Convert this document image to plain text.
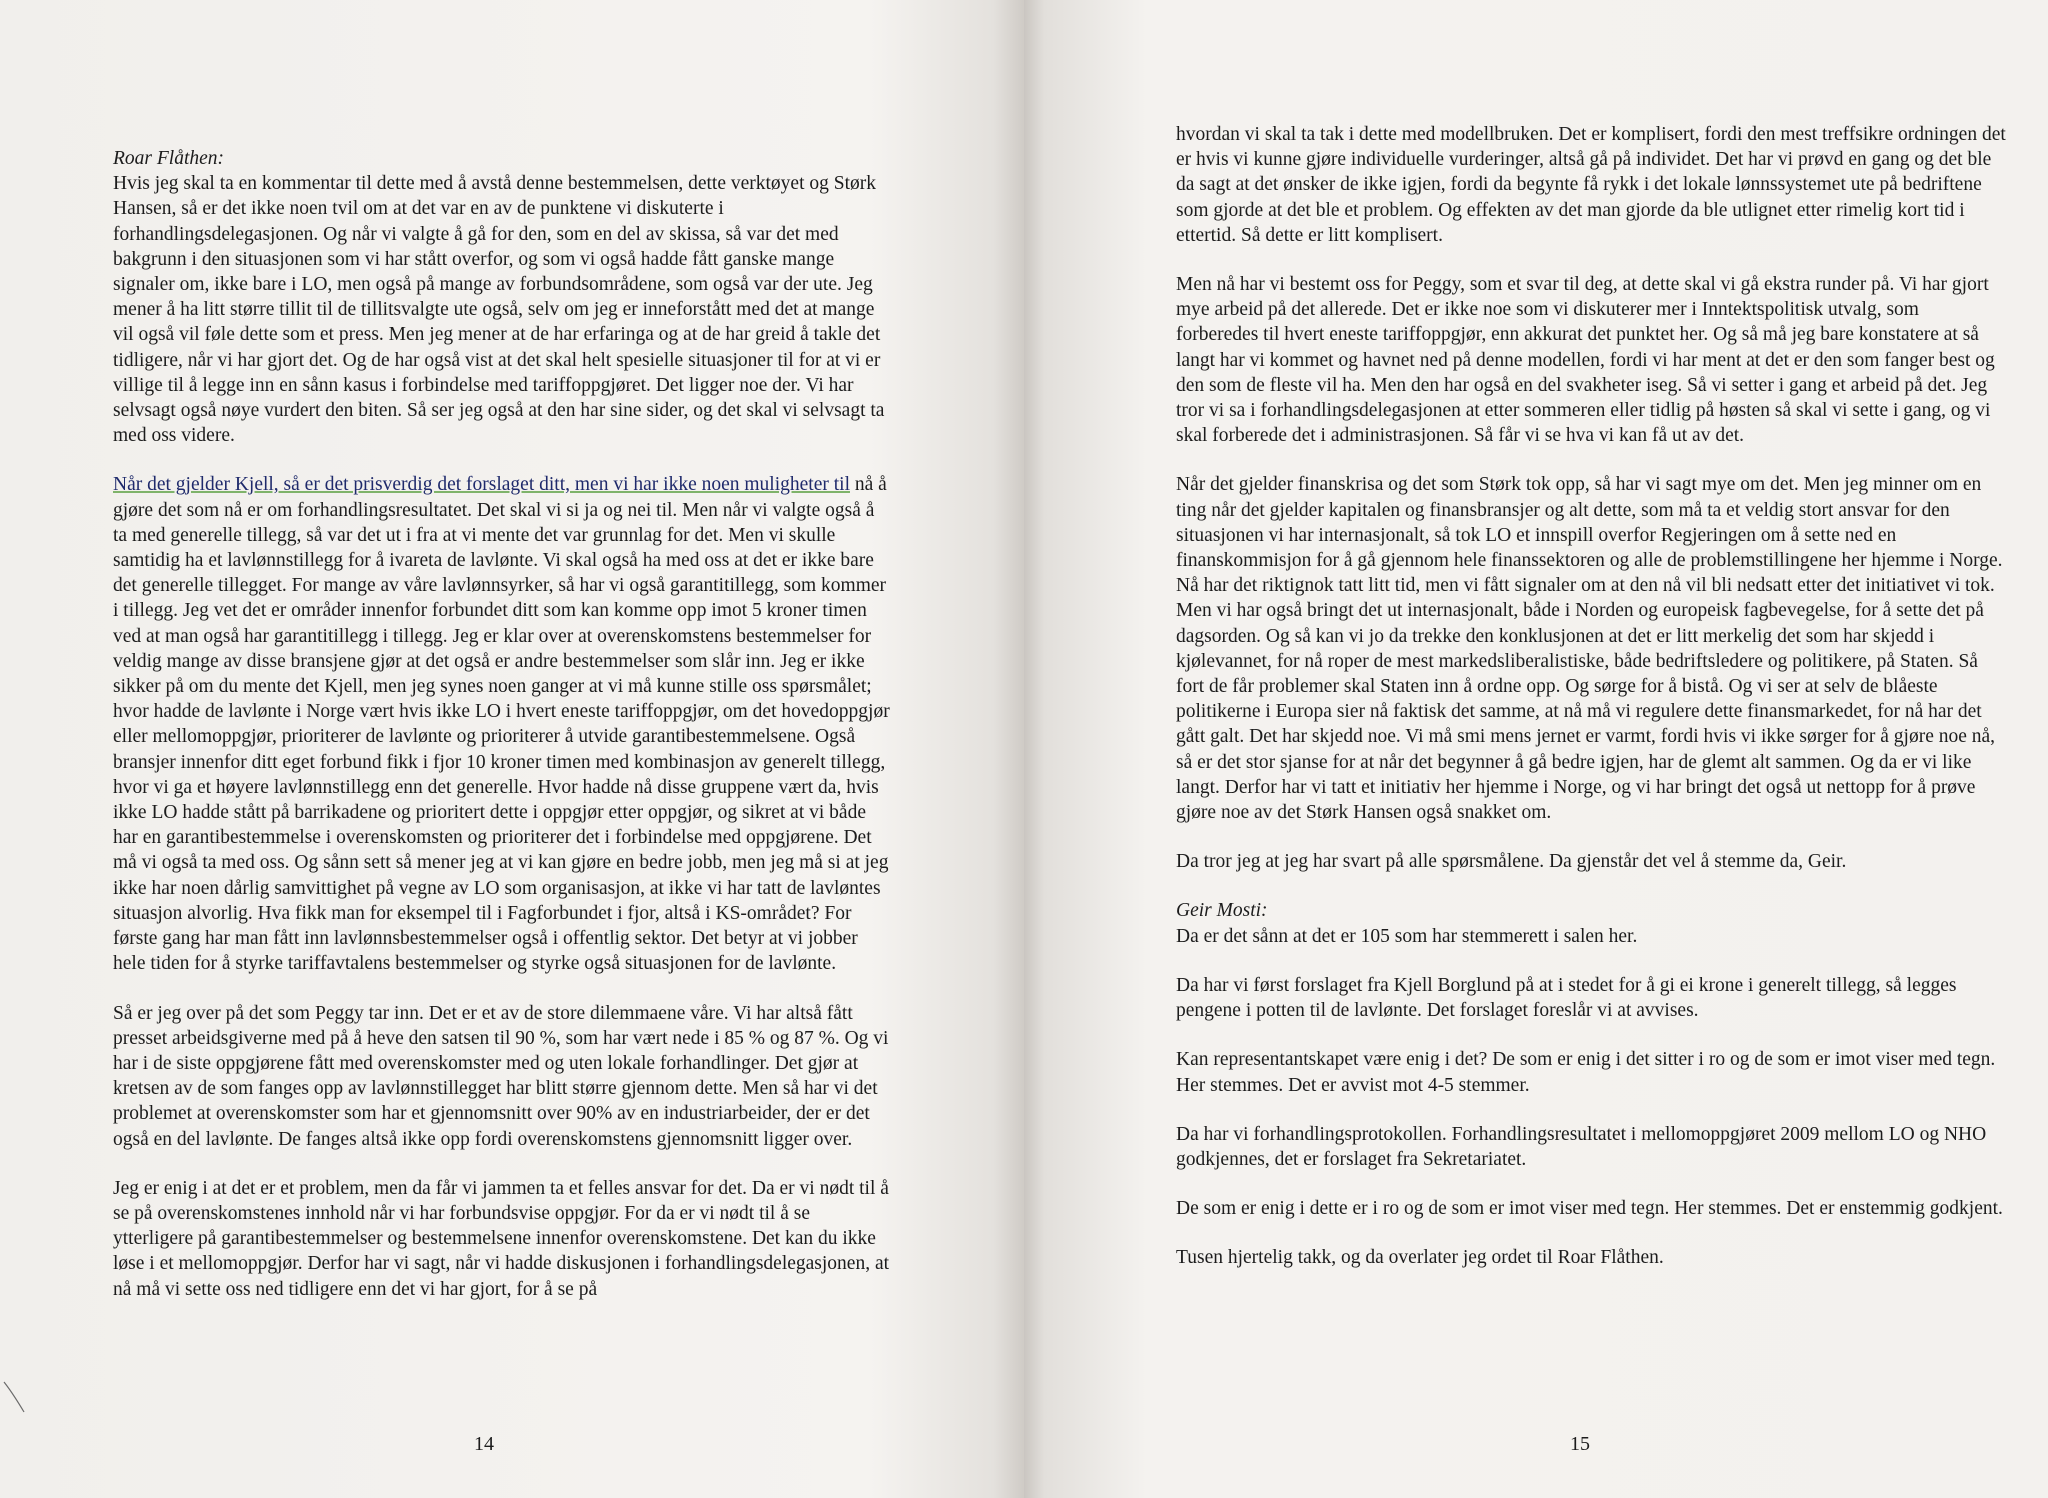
Roar Flåthen:
Hvis jeg skal ta en kommentar til dette med å avstå denne bestemmelsen, dette verktøyet og Størk Hansen, så er det ikke noen tvil om at det var en av de punktene vi diskuterte i forhandlingsdelegasjonen. Og når vi valgte å gå for den, som en del av skissa, så var det med bakgrunn i den situasjonen som vi har stått overfor, og som vi også hadde fått ganske mange signaler om, ikke bare i LO, men også på mange av forbundsområdene, som også var der ute. Jeg mener å ha litt større tillit til de tillitsvalgte ute også, selv om jeg er inneforstått med det at mange vil også vil føle dette som et press. Men jeg mener at de har erfaringa og at de har greid å takle det tidligere, når vi har gjort det. Og de har også vist at det skal helt spesielle situasjoner til for at vi er villige til å legge inn en sånn kasus i forbindelse med tariffoppgjøret. Det ligger noe der. Vi har selvsagt også nøye vurdert den biten. Så ser jeg også at den har sine sider, og det skal vi selvsagt ta med oss videre.

Når det gjelder Kjell, så er det prisverdig det forslaget ditt, men vi har ikke noen muligheter til nå å gjøre det som nå er om forhandlingsresultatet. Det skal vi si ja og nei til. Men når vi valgte også å ta med generelle tillegg, så var det ut i fra at vi mente det var grunnlag for det. Men vi skulle samtidig ha et lavlønnstillegg for å ivareta de lavlønte. Vi skal også ha med oss at det er ikke bare det generelle tillegget. For mange av våre lavlønnsyrker, så har vi også garantitillegg, som kommer i tillegg. Jeg vet det er områder innenfor forbundet ditt som kan komme opp imot 5 kroner timen ved at man også har garantitillegg i tillegg. Jeg er klar over at overenskomstens bestemmelser for veldig mange av disse bransjene gjør at det også er andre bestemmelser som slår inn. Jeg er ikke sikker på om du mente det Kjell, men jeg synes noen ganger at vi må kunne stille oss spørsmålet; hvor hadde de lavlønte i Norge vært hvis ikke LO i hvert eneste tariffoppgjør, om det hovedoppgjør eller mellomoppgjør, prioriterer de lavlønte og prioriterer å utvide garantibestemmelsene. Også bransjer innenfor ditt eget forbund fikk i fjor 10 kroner timen med kombinasjon av generelt tillegg, hvor vi ga et høyere lavlønnstillegg enn det generelle. Hvor hadde nå disse gruppene vært da, hvis ikke LO hadde stått på barrikadene og prioritert dette i oppgjør etter oppgjør, og sikret at vi både har en garantibestemmelse i overenskomsten og prioriterer det i forbindelse med oppgjørene. Det må vi også ta med oss. Og sånn sett så mener jeg at vi kan gjøre en bedre jobb, men jeg må si at jeg ikke har noen dårlig samvittighet på vegne av LO som organisasjon, at ikke vi har tatt de lavløntes situasjon alvorlig. Hva fikk man for eksempel til i Fagforbundet i fjor, altså i KS-området? For første gang har man fått inn lavlønnsbestemmelser også i offentlig sektor. Det betyr at vi jobber hele tiden for å styrke tariffavtalens bestemmelser og styrke også situasjonen for de lavlønte.

Så er jeg over på det som Peggy tar inn. Det er et av de store dilemmaene våre. Vi har altså fått presset arbeidsgiverne med på å heve den satsen til 90 %, som har vært nede i 85 % og 87 %. Og vi har i de siste oppgjørene fått med overenskomster med og uten lokale forhandlinger. Det gjør at kretsen av de som fanges opp av lavlønnstillegget har blitt større gjennom dette. Men så har vi det problemet at overenskomster som har et gjennomsnitt over 90% av en industriarbeider, der er det også en del lavlønte. De fanges altså ikke opp fordi overenskomstens gjennomsnitt ligger over.

Jeg er enig i at det er et problem, men da får vi jammen ta et felles ansvar for det. Da er vi nødt til å se på overenskomstenes innhold når vi har forbundsvise oppgjør. For da er vi nødt til å se ytterligere på garantibestemmelser og bestemmelsene innenfor overenskomstene. Det kan du ikke løse i et mellomoppgjør. Derfor har vi sagt, når vi hadde diskusjonen i forhandlingsdelegasjonen, at nå må vi sette oss ned tidligere enn det vi har gjort, for å se på

14

hvordan vi skal ta tak i dette med modellbruken. Det er komplisert, fordi den mest treffsikre ordningen det er hvis vi kunne gjøre individuelle vurderinger, altså gå på individet. Det har vi prøvd en gang og det ble da sagt at det ønsker de ikke igjen, fordi da begynte få rykk i det lokale lønnssystemet ute på bedriftene som gjorde at det ble et problem. Og effekten av det man gjorde da ble utlignet etter rimelig kort tid i ettertid. Så dette er litt komplisert.

Men nå har vi bestemt oss for Peggy, som et svar til deg, at dette skal vi gå ekstra runder på. Vi har gjort mye arbeid på det allerede. Det er ikke noe som vi diskuterer mer i Inntektspolitisk utvalg, som forberedes til hvert eneste tariffoppgjør, enn akkurat det punktet her. Og så må jeg bare konstatere at så langt har vi kommet og havnet ned på denne modellen, fordi vi har ment at det er den som fanger best og den som de fleste vil ha. Men den har også en del svakheter iseg. Så vi setter i gang et arbeid på det. Jeg tror vi sa i forhandlingsdelegasjonen at etter sommeren eller tidlig på høsten så skal vi sette i gang, og vi skal forberede det i administrasjonen. Så får vi se hva vi kan få ut av det.

Når det gjelder finanskrisa og det som Størk tok opp, så har vi sagt mye om det. Men jeg minner om en ting når det gjelder kapitalen og finansbransjer og alt dette, som må ta et veldig stort ansvar for den situasjonen vi har internasjonalt, så tok LO et innspill overfor Regjeringen om å sette ned en finanskommisjon for å gå gjennom hele finanssektoren og alle de problemstillingene her hjemme i Norge. Nå har det riktignok tatt litt tid, men vi fått signaler om at den nå vil bli nedsatt etter det initiativet vi tok. Men vi har også bringt det ut internasjonalt, både i Norden og europeisk fagbevegelse, for å sette det på dagsorden. Og så kan vi jo da trekke den konklusjonen at det er litt merkelig det som har skjedd i kjølevannet, for nå roper de mest markedsliberalistiske, både bedriftsledere og politikere, på Staten. Så fort de får problemer skal Staten inn å ordne opp. Og sørge for å bistå. Og vi ser at selv de blåeste politikerne i Europa sier nå faktisk det samme, at nå må vi regulere dette finansmarkedet, for nå har det gått galt. Det har skjedd noe. Vi må smi mens jernet er varmt, fordi hvis vi ikke sørger for å gjøre noe nå, så er det stor sjanse for at når det begynner å gå bedre igjen, har de glemt alt sammen. Og da er vi like langt. Derfor har vi tatt et initiativ her hjemme i Norge, og vi har bringt det også ut nettopp for å prøve gjøre noe av det Størk Hansen også snakket om.

Da tror jeg at jeg har svart på alle spørsmålene. Da gjenstår det vel å stemme da, Geir.

Geir Mosti:
Da er det sånn at det er 105 som har stemmerett i salen her.

Da har vi først forslaget fra Kjell Borglund på at i stedet for å gi ei krone i generelt tillegg, så legges pengene i potten til de lavlønte. Det forslaget foreslår vi at avvises.

Kan representantskapet være enig i det? De som er enig i det sitter i ro og de som er imot viser med tegn. Her stemmes. Det er avvist mot 4-5 stemmer.

Da har vi forhandlingsprotokollen. Forhandlingsresultatet i mellomoppgjøret 2009 mellom LO og NHO godkjennes, det er forslaget fra Sekretariatet.

De som er enig i dette er i ro og de som er imot viser med tegn. Her stemmes. Det er enstemmig godkjent.

Tusen hjertelig takk, og da overlater jeg ordet til Roar Flåthen.

15
